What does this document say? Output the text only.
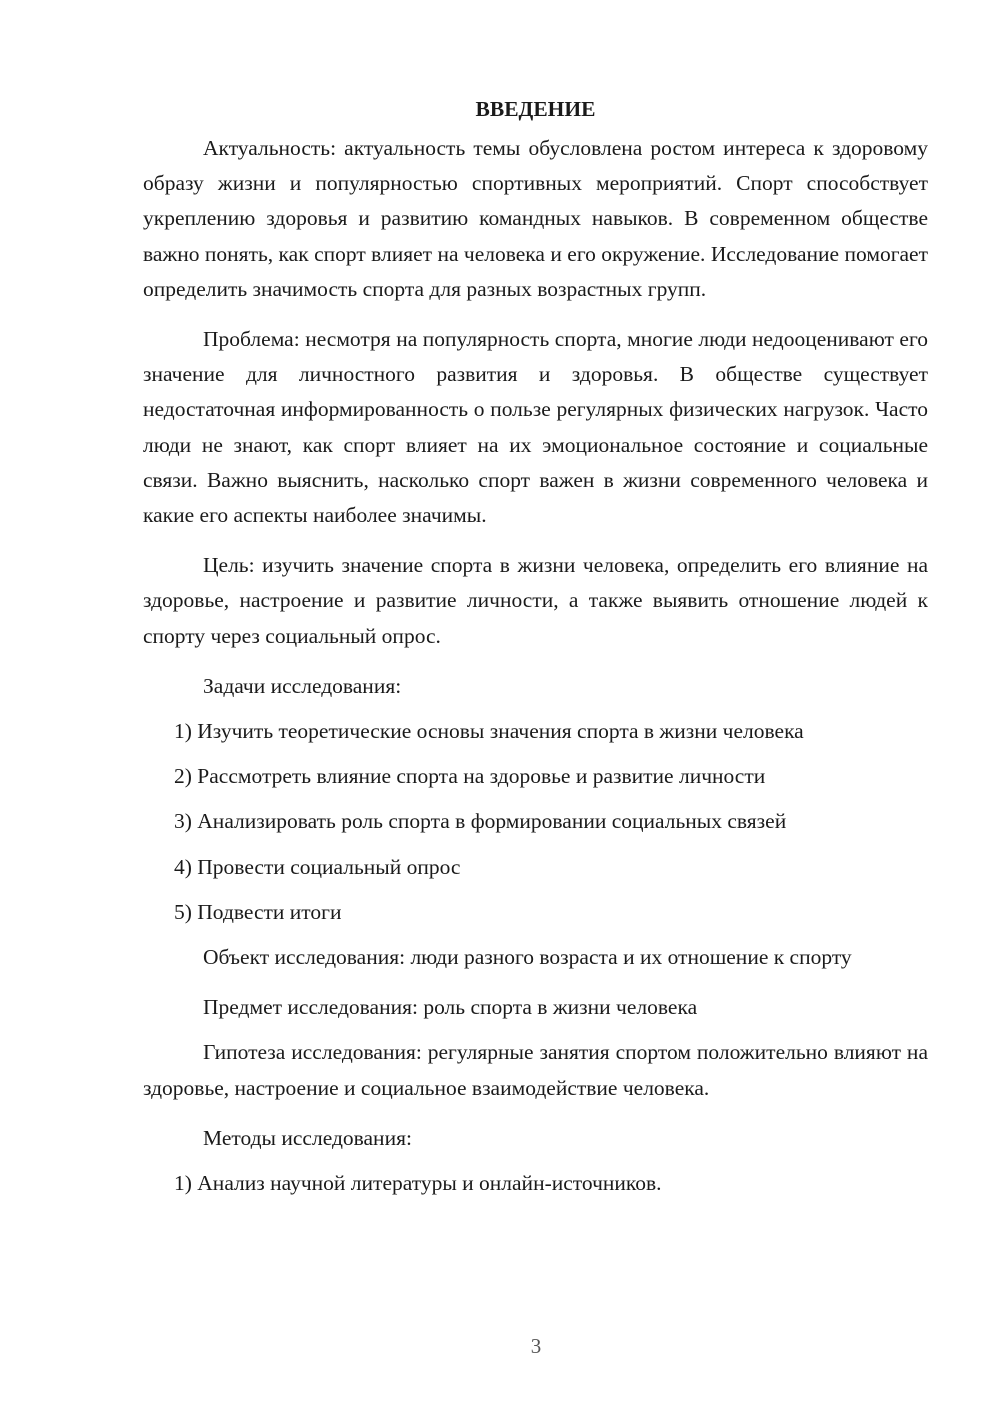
ВВЕДЕНИЕ

Актуальность: актуальность темы обусловлена ростом интереса к здоровому образу жизни и популярностью спортивных мероприятий. Спорт способствует укреплению здоровья и развитию командных навыков. В современном обществе важно понять, как спорт влияет на человека и его окружение. Исследование помогает определить значимость спорта для разных возрастных групп.

Проблема: несмотря на популярность спорта, многие люди недооценивают его значение для личностного развития и здоровья. В обществе существует недостаточная информированность о пользе регулярных физических нагрузок. Часто люди не знают, как спорт влияет на их эмоциональное состояние и социальные связи. Важно выяснить, насколько спорт важен в жизни современного человека и какие его аспекты наиболее значимы.

Цель: изучить значение спорта в жизни человека, определить его влияние на здоровье, настроение и развитие личности, а также выявить отношение людей к спорту через социальный опрос.

Задачи исследования:

1) Изучить теоретические основы значения спорта в жизни человека

2) Рассмотреть влияние спорта на здоровье и развитие личности

3) Анализировать роль спорта в формировании социальных связей

4) Провести социальный опрос

5) Подвести итоги

Объект исследования: люди разного возраста и их отношение к спорту

Предмет исследования: роль спорта в жизни человека

Гипотеза исследования: регулярные занятия спортом положительно влияют на здоровье, настроение и социальное взаимодействие человека.

Методы исследования:

1) Анализ научной литературы и онлайн-источников.

3
